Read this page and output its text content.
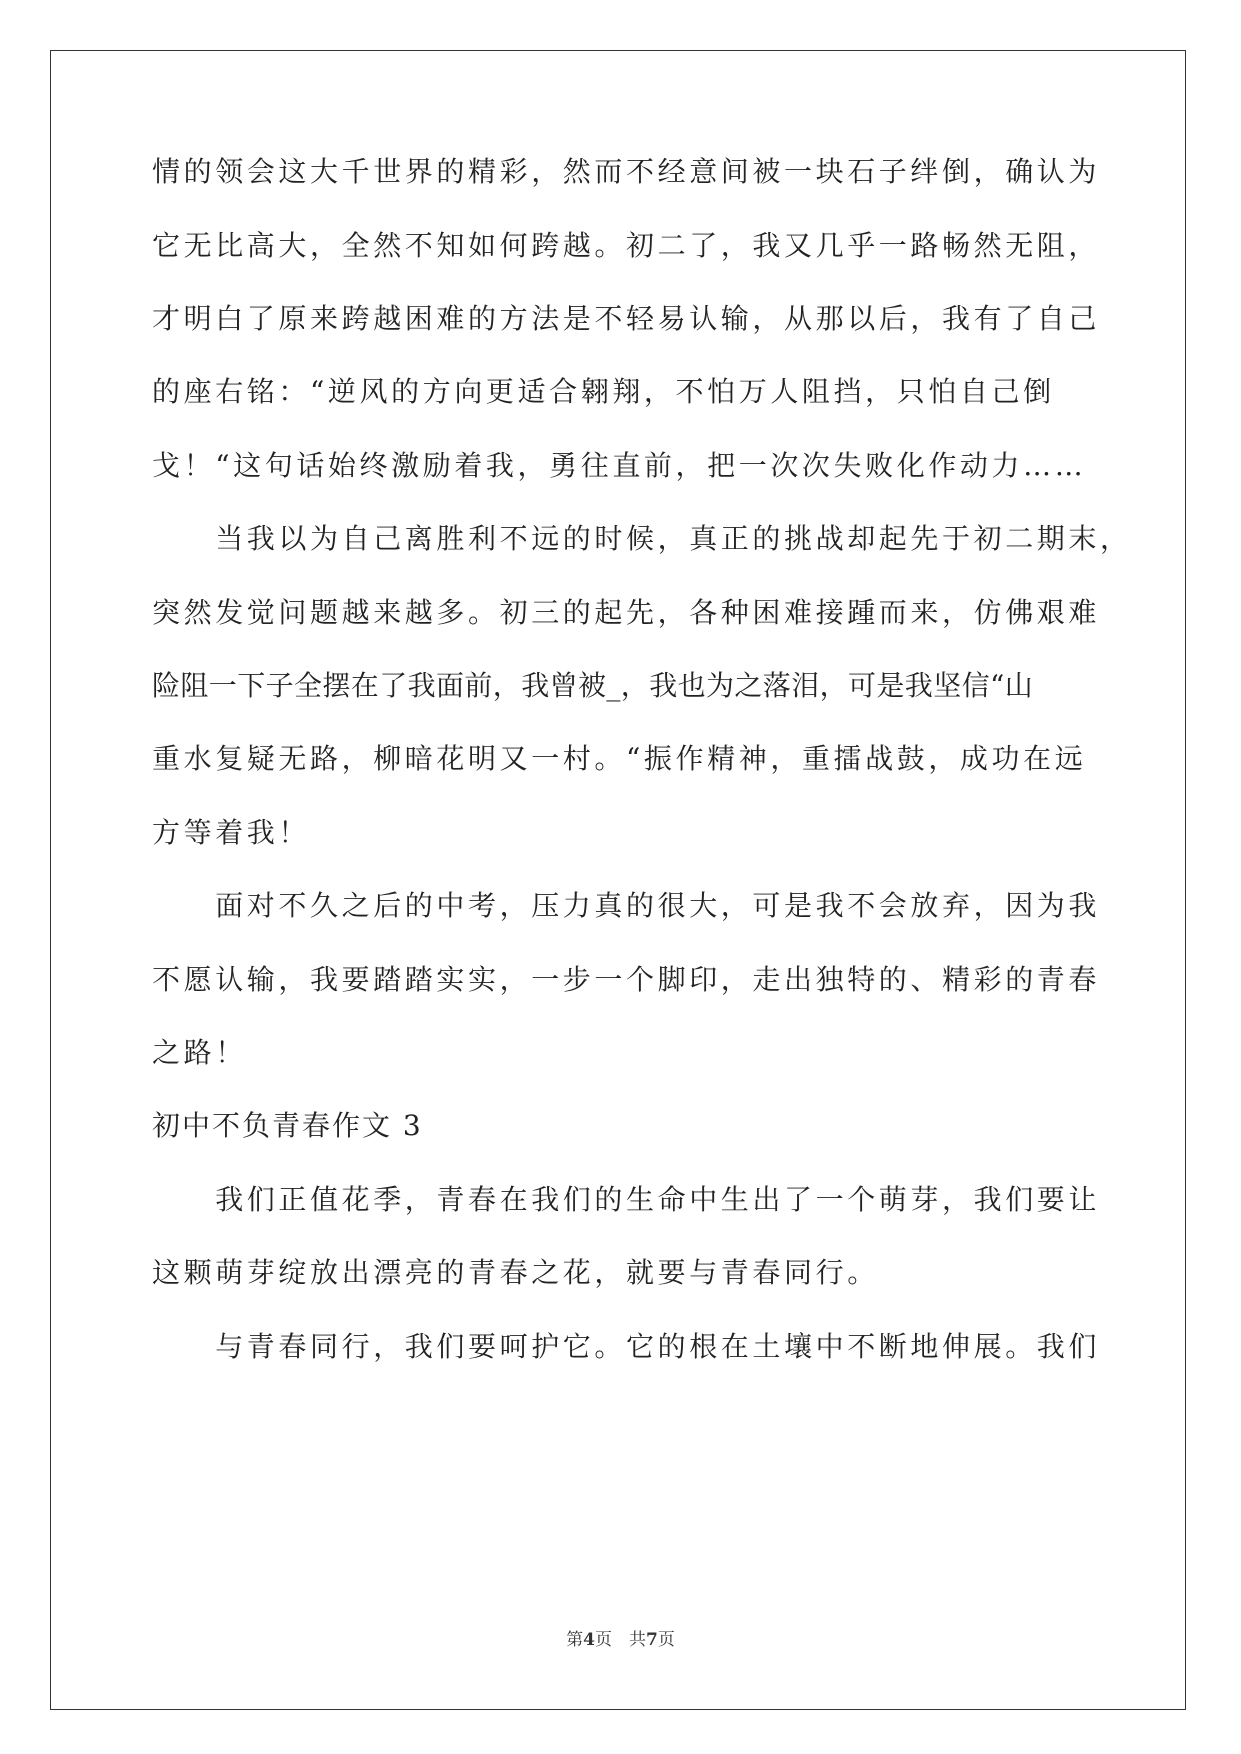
情的领会这大千世界的精彩，然而不经意间被一块石子绊倒，确认为
它无比高大，全然不知如何跨越。初二了，我又几乎一路畅然无阻，
才明白了原来跨越困难的方法是不轻易认输，从那以后，我有了自己
的座右铭：“逆风的方向更适合翱翔，不怕万人阻挡，只怕自己倒
戈！“这句话始终激励着我，勇往直前，把一次次失败化作动力……
　　当我以为自己离胜利不远的时候，真正的挑战却起先于初二期末，
突然发觉问题越来越多。初三的起先，各种困难接踵而来，仿佛艰难
险阻一下子全摆在了我面前，我曾被_，我也为之落泪，可是我坚信“山
重水复疑无路，柳暗花明又一村。“振作精神，重擂战鼓，成功在远
方等着我！
　　面对不久之后的中考，压力真的很大，可是我不会放弃，因为我
不愿认输，我要踏踏实实，一步一个脚印，走出独特的、精彩的青春
之路！
初中不负青春作文 3
　　我们正值花季，青春在我们的生命中生出了一个萌芽，我们要让
这颗萌芽绽放出漂亮的青春之花，就要与青春同行。
　　与青春同行，我们要呵护它。它的根在土壤中不断地伸展。我们
第4页　共7页
